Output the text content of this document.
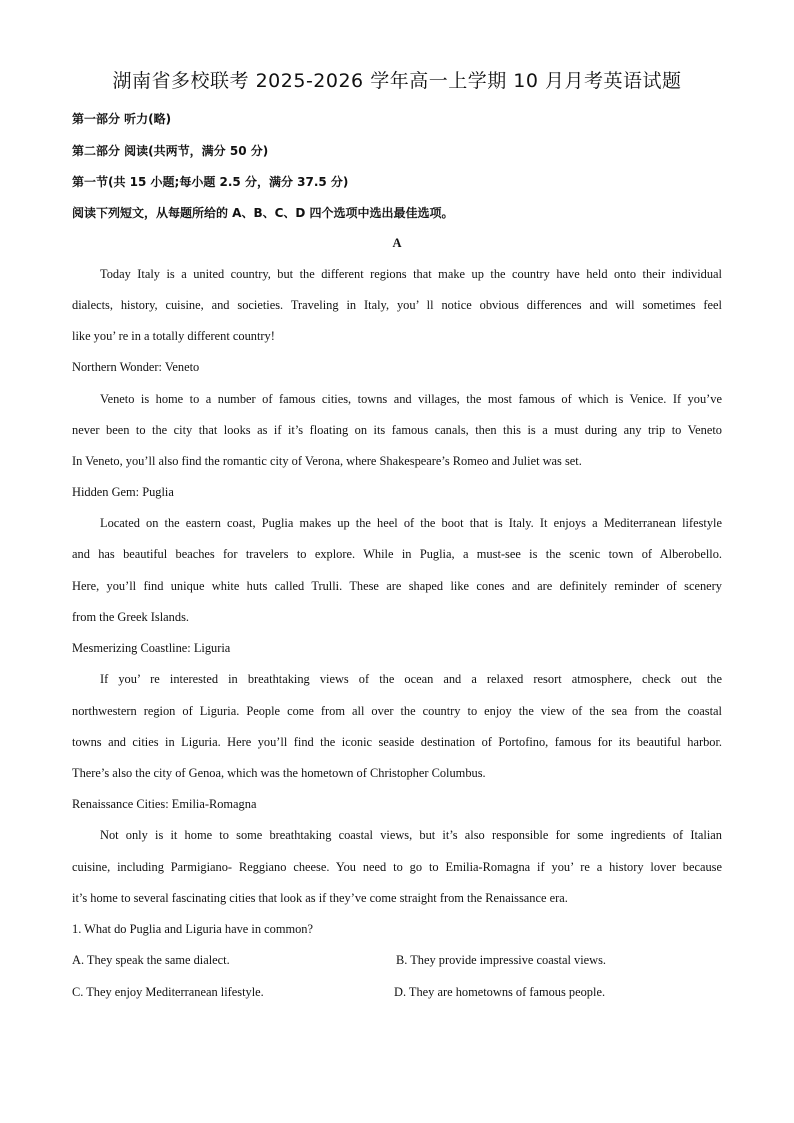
湖南省多校联考 2025-2026 学年高一上学期 10 月月考英语试题
第一部分 听力(略)
第二部分 阅读(共两节，满分 50 分)
第一节(共 15 小题;每小题 2.5 分，满分 37.5 分)
阅读下列短文，从每题所给的 A、B、C、D 四个选项中选出最佳选项。
A
Today Italy is a united country, but the different regions that make up the country have held onto their individual
dialects, history, cuisine, and societies. Traveling in Italy, you’ ll notice obvious differences and will sometimes feel
like you’ re in a totally different country!
Northern Wonder: Veneto
Veneto is home to a number of famous cities, towns and villages, the most famous of which is Venice. If you’ve
never been to the city that looks as if it’s floating on its famous canals, then this is a must during any trip to Veneto
In Veneto, you’ll also find the romantic city of Verona, where Shakespeare’s Romeo and Juliet was set.
Hidden Gem: Puglia
Located on the eastern coast, Puglia makes up the heel of the boot that is Italy. It enjoys a Mediterranean lifestyle
and has beautiful beaches for travelers to explore. While in Puglia, a must-see is the scenic town of Alberobello.
Here, you’ll find unique white huts called Trulli. These are shaped like cones and are definitely reminder of scenery
from the Greek Islands.
Mesmerizing Coastline: Liguria
If you’ re interested in breathtaking views of the ocean and a relaxed resort atmosphere, check out the
northwestern region of Liguria. People come from all over the country to enjoy the view of the sea from the coastal
towns and cities in Liguria. Here you’ll find the iconic seaside destination of Portofino, famous for its beautiful harbor.
There’s also the city of Genoa, which was the hometown of Christopher Columbus.
Renaissance Cities: Emilia-Romagna
Not only is it home to some breathtaking coastal views, but it’s also responsible for some ingredients of Italian
cuisine, including Parmigiano- Reggiano cheese. You need to go to Emilia-Romagna if you’ re a history lover because
it’s home to several fascinating cities that look as if they’ve come straight from the Renaissance era.
1. What do Puglia and Liguria have in common?
A. They speak the same dialect.	B. They provide impressive coastal views.
C. They enjoy Mediterranean lifestyle.	D. They are hometowns of famous people.
